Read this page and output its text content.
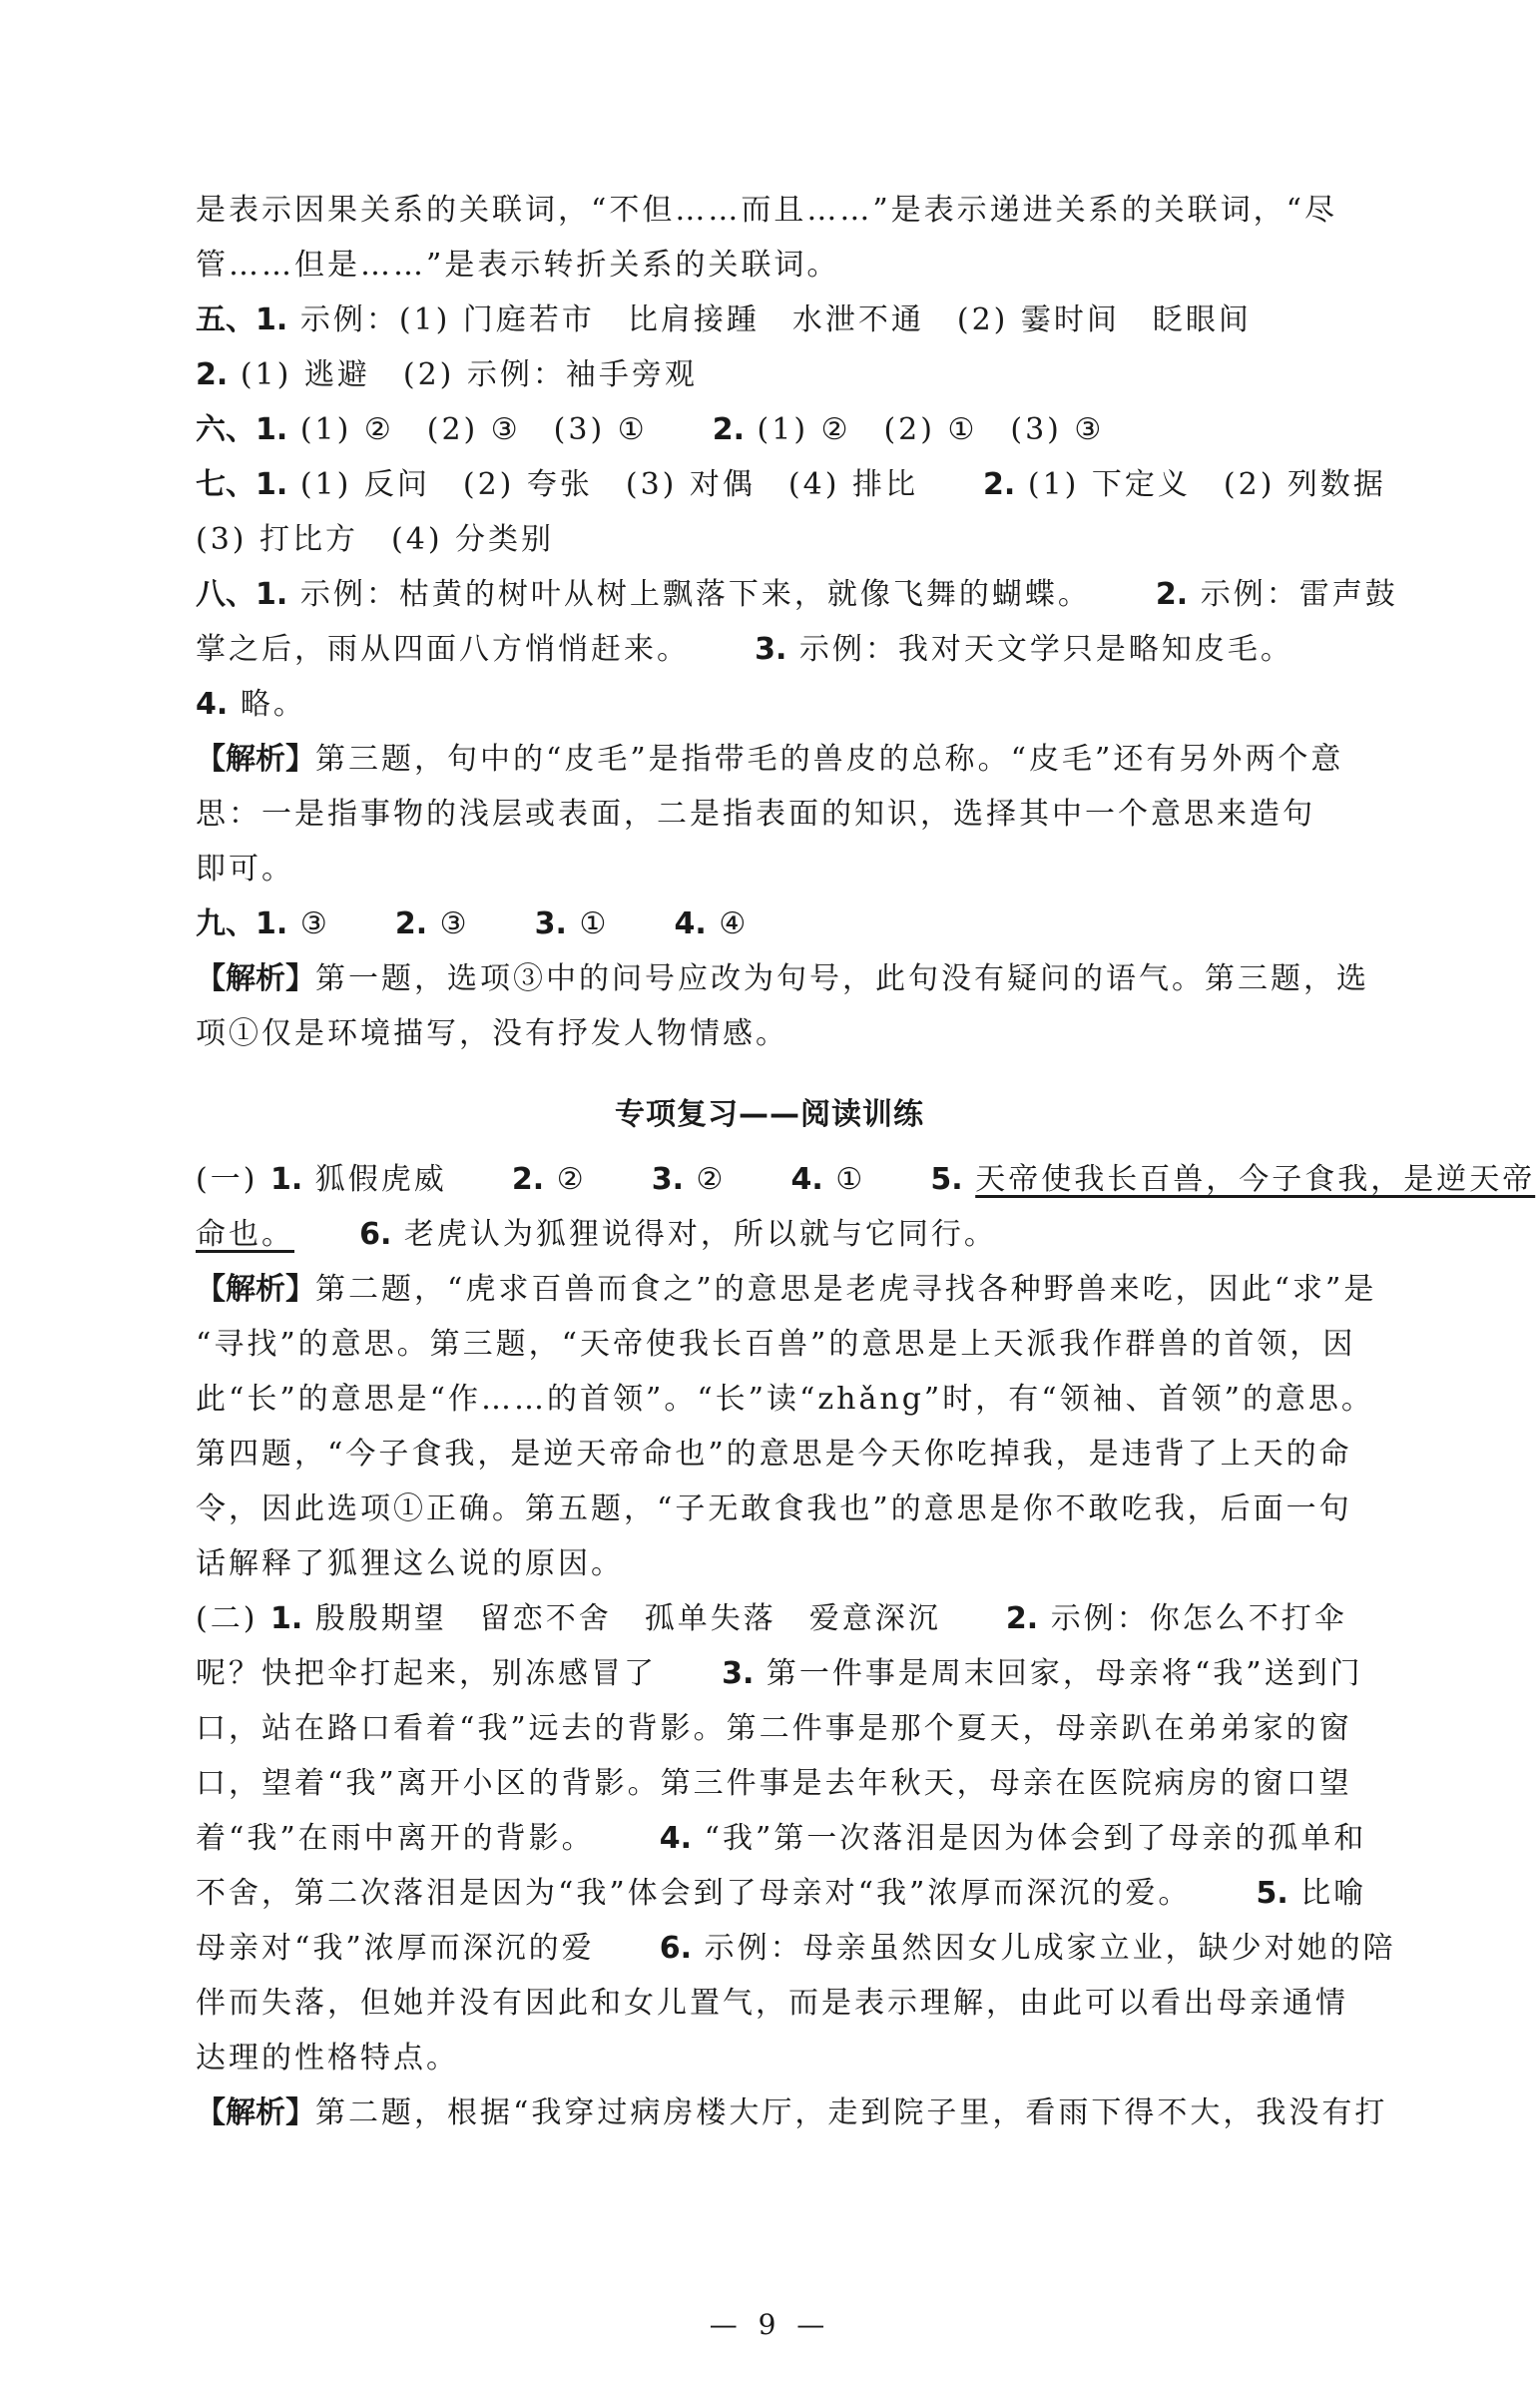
是表示因果关系的关联词，“不但……而且……”是表示递进关系的关联词，“尽

管……但是……”是表示转折关系的关联词。

五、1. 示例：(1) 门庭若市　比肩接踵　水泄不通　(2) 霎时间　眨眼间

2. (1) 逃避　(2) 示例：袖手旁观

六、1. (1) ②　(2) ③　(3) ① 2. (1) ②　(2) ①　(3) ③

七、1. (1) 反问　(2) 夸张　(3) 对偶　(4) 排比 2. (1) 下定义　(2) 列数据

(3) 打比方　(4) 分类别

八、1. 示例：枯黄的树叶从树上飘落下来，就像飞舞的蝴蝶。 2. 示例：雷声鼓

掌之后，雨从四面八方悄悄赶来。 3. 示例：我对天文学只是略知皮毛。

4. 略。

【解析】第三题，句中的“皮毛”是指带毛的兽皮的总称。“皮毛”还有另外两个意

思：一是指事物的浅层或表面，二是指表面的知识，选择其中一个意思来造句

即可。

九、1. ③ 2. ③ 3. ① 4. ④

【解析】第一题，选项③中的问号应改为句号，此句没有疑问的语气。第三题，选

项①仅是环境描写，没有抒发人物情感。

专项复习——阅读训练

(一) 1. 狐假虎威 2. ② 3. ② 4. ① 5. 天帝使我长百兽，今子食我，是逆天帝

命也。 6. 老虎认为狐狸说得对，所以就与它同行。

【解析】第二题，“虎求百兽而食之”的意思是老虎寻找各种野兽来吃，因此“求”是

“寻找”的意思。第三题，“天帝使我长百兽”的意思是上天派我作群兽的首领，因

此“长”的意思是“作……的首领”。“长”读“zhǎng”时，有“领袖、首领”的意思。

第四题，“今子食我，是逆天帝命也”的意思是今天你吃掉我，是违背了上天的命

令，因此选项①正确。第五题，“子无敢食我也”的意思是你不敢吃我，后面一句

话解释了狐狸这么说的原因。

(二) 1. 殷殷期望　留恋不舍　孤单失落　爱意深沉 2. 示例：你怎么不打伞

呢？快把伞打起来，别冻感冒了 3. 第一件事是周末回家，母亲将“我”送到门

口，站在路口看着“我”远去的背影。第二件事是那个夏天，母亲趴在弟弟家的窗

口，望着“我”离开小区的背影。第三件事是去年秋天，母亲在医院病房的窗口望

着“我”在雨中离开的背影。 4. “我”第一次落泪是因为体会到了母亲的孤单和

不舍，第二次落泪是因为“我”体会到了母亲对“我”浓厚而深沉的爱。 5. 比喻

母亲对“我”浓厚而深沉的爱 6. 示例：母亲虽然因女儿成家立业，缺少对她的陪

伴而失落，但她并没有因此和女儿置气，而是表示理解，由此可以看出母亲通情

达理的性格特点。

【解析】第二题，根据“我穿过病房楼大厅，走到院子里，看雨下得不大，我没有打

— 9 —
